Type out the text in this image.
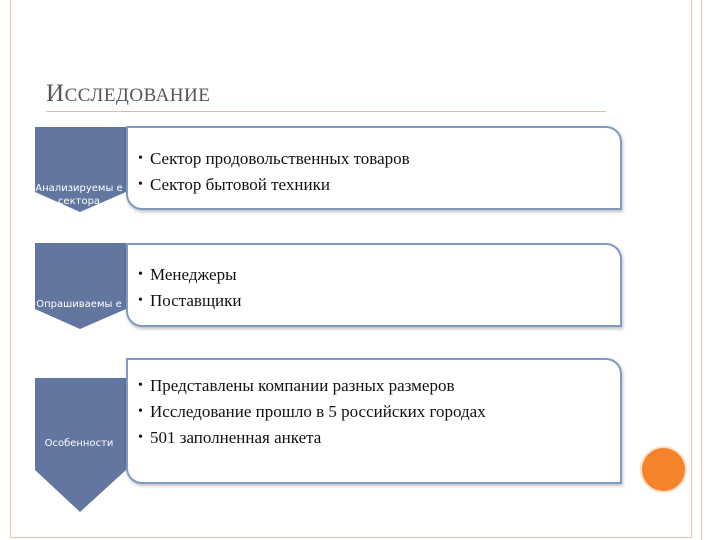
ИССЛЕДОВАНИЕ
Анализируемы е сектора
Опрашиваемы е
Особенности
• Сектор продовольственных товаров
• Сектор бытовой техники
• Менеджеры
• Поставщики
• Представлены компании разных размеров
• Исследование прошло в 5 российских городах
• 501 заполненная анкета
